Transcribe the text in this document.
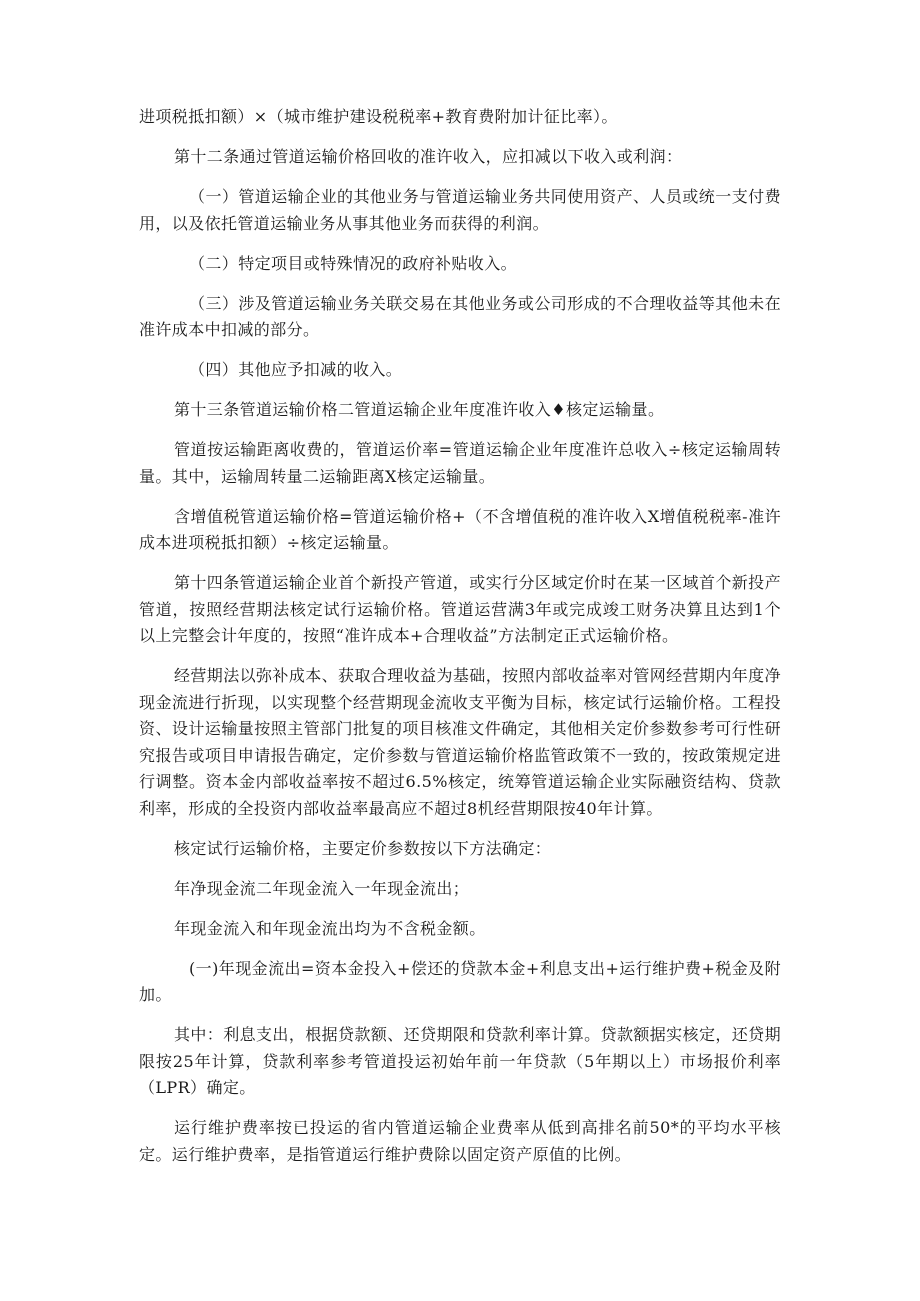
进项税抵扣额）×（城市维护建设税税率+教育费附加计征比率）。

第十二条通过管道运输价格回收的准许收入，应扣减以下收入或利润：

（一）管道运输企业的其他业务与管道运输业务共同使用资产、人员或统一支付费用，以及依托管道运输业务从事其他业务而获得的利润。

（二）特定项目或特殊情况的政府补贴收入。

（三）涉及管道运输业务关联交易在其他业务或公司形成的不合理收益等其他未在准许成本中扣减的部分。

（四）其他应予扣减的收入。

第十三条管道运输价格二管道运输企业年度准许收入♦核定运输量。

管道按运输距离收费的，管道运价率=管道运输企业年度准许总收入÷核定运输周转量。其中，运输周转量二运输距离X核定运输量。

含增值税管道运输价格=管道运输价格+（不含增值税的准许收入X增值税税率-准许成本进项税抵扣额）÷核定运输量。

第十四条管道运输企业首个新投产管道，或实行分区域定价时在某一区域首个新投产管道，按照经营期法核定试行运输价格。管道运营满3年或完成竣工财务决算且达到1个以上完整会计年度的，按照“准许成本+合理收益”方法制定正式运输价格。

经营期法以弥补成本、获取合理收益为基础，按照内部收益率对管网经营期内年度净现金流进行折现，以实现整个经营期现金流收支平衡为目标，核定试行运输价格。工程投资、设计运输量按照主管部门批复的项目核准文件确定，其他相关定价参数参考可行性研究报告或项目申请报告确定，定价参数与管道运输价格监管政策不一致的，按政策规定进行调整。资本金内部收益率按不超过6.5%核定，统筹管道运输企业实际融资结构、贷款利率，形成的全投资内部收益率最高应不超过8机经营期限按40年计算。

核定试行运输价格，主要定价参数按以下方法确定：

年净现金流二年现金流入一年现金流出；

年现金流入和年现金流出均为不含税金额。

(一)年现金流出=资本金投入+偿还的贷款本金+利息支出+运行维护费+税金及附加。

其中：利息支出，根据贷款额、还贷期限和贷款利率计算。贷款额据实核定，还贷期限按25年计算，贷款利率参考管道投运初始年前一年贷款（5年期以上）市场报价利率（LPR）确定。

运行维护费率按已投运的省内管道运输企业费率从低到高排名前50*的平均水平核定。运行维护费率，是指管道运行维护费除以固定资产原值的比例。
